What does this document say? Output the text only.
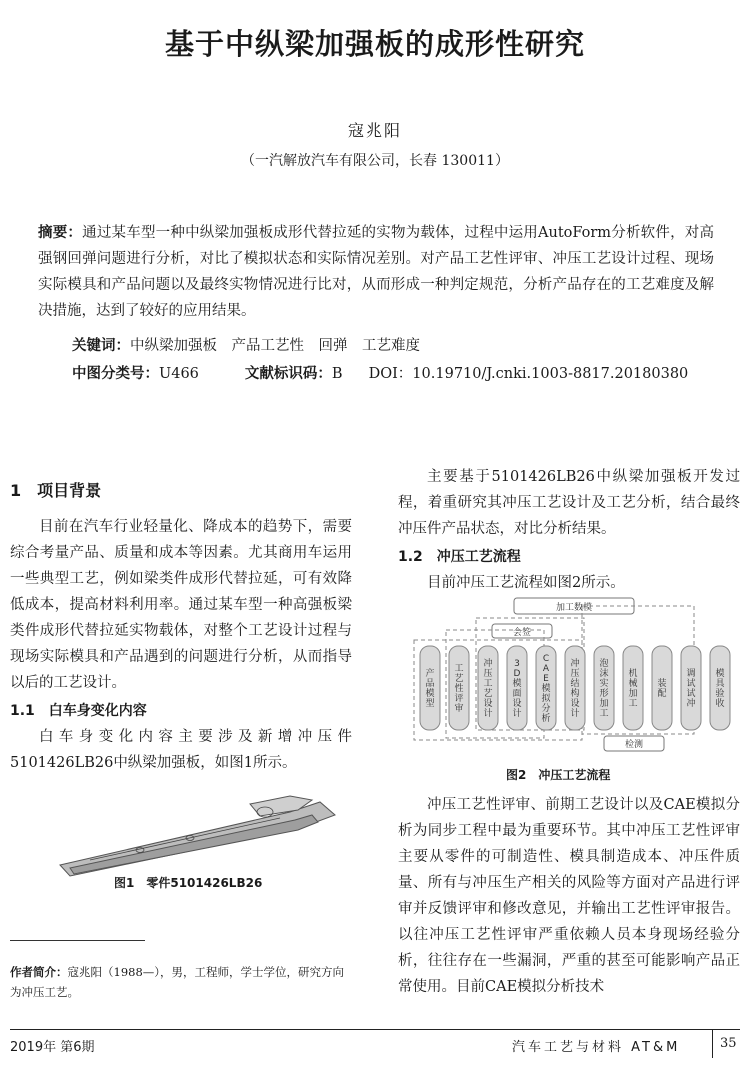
基于中纵梁加强板的成形性研究
寇兆阳
（一汽解放汽车有限公司，长春 130011）
摘要：通过某车型一种中纵梁加强板成形代替拉延的实物为载体，过程中运用AutoForm分析软件，对高强钢回弹问题进行分析，对比了模拟状态和实际情况差别。对产品工艺性评审、冲压工艺设计过程、现场实际模具和产品问题以及最终实物情况进行比对，从而形成一种判定规范，分析产品存在的工艺难度及解决措施，达到了较好的应用结果。
关键词：中纵梁加强板　产品工艺性　回弹　工艺难度
中图分类号：U466	文献标识码：B DOI：10.19710/J.cnki.1003-8817.20180380
1　项目背景

目前在汽车行业轻量化、降成本的趋势下，需要综合考量产品、质量和成本等因素。尤其商用车运用一些典型工艺，例如梁类件成形代替拉延，可有效降低成本，提高材料利用率。通过某车型一种高强板梁类件成形代替拉延实物载体，对整个工艺设计过程与现场实际模具和产品遇到的问题进行分析，从而指导以后的工艺设计。

1.1　白车身变化内容

白车身变化内容主要涉及新增冲压件5101426LB26中纵梁加强板，如图1所示。

图1　零件5101426LB26
作者简介：寇兆阳（1988—），男，工程师，学士学位，研究方向为冲压工艺。

主要基于5101426LB26中纵梁加强板开发过程，着重研究其冲压工艺设计及工艺分析，结合最终冲压件产品状态，对比分析结果。

1.2　冲压工艺流程

目前冲压工艺流程如图2所示。

加工数模
会签
检测
产品模型
工艺性评审
冲压工艺设计
3 D 模面设计
C A E 模拟分析
冲压结构设计
泡沫实形加工
机械加工
装配
调试试冲
模具验收
图2　冲压工艺流程

冲压工艺性评审、前期工艺设计以及CAE模拟分析为同步工程中最为重要环节。其中冲压工艺性评审主要从零件的可制造性、模具制造成本、冲压件质量、所有与冲压生产相关的风险等方面对产品进行评审并反馈评审和修改意见，并输出工艺性评审报告。以往冲压工艺性评审严重依赖人员本身现场经验分析，往往存在一些漏洞，严重的甚至可能影响产品正常使用。目前CAE模拟分析技术

2019年 第6期	汽车工艺与材料 AT&M	35
